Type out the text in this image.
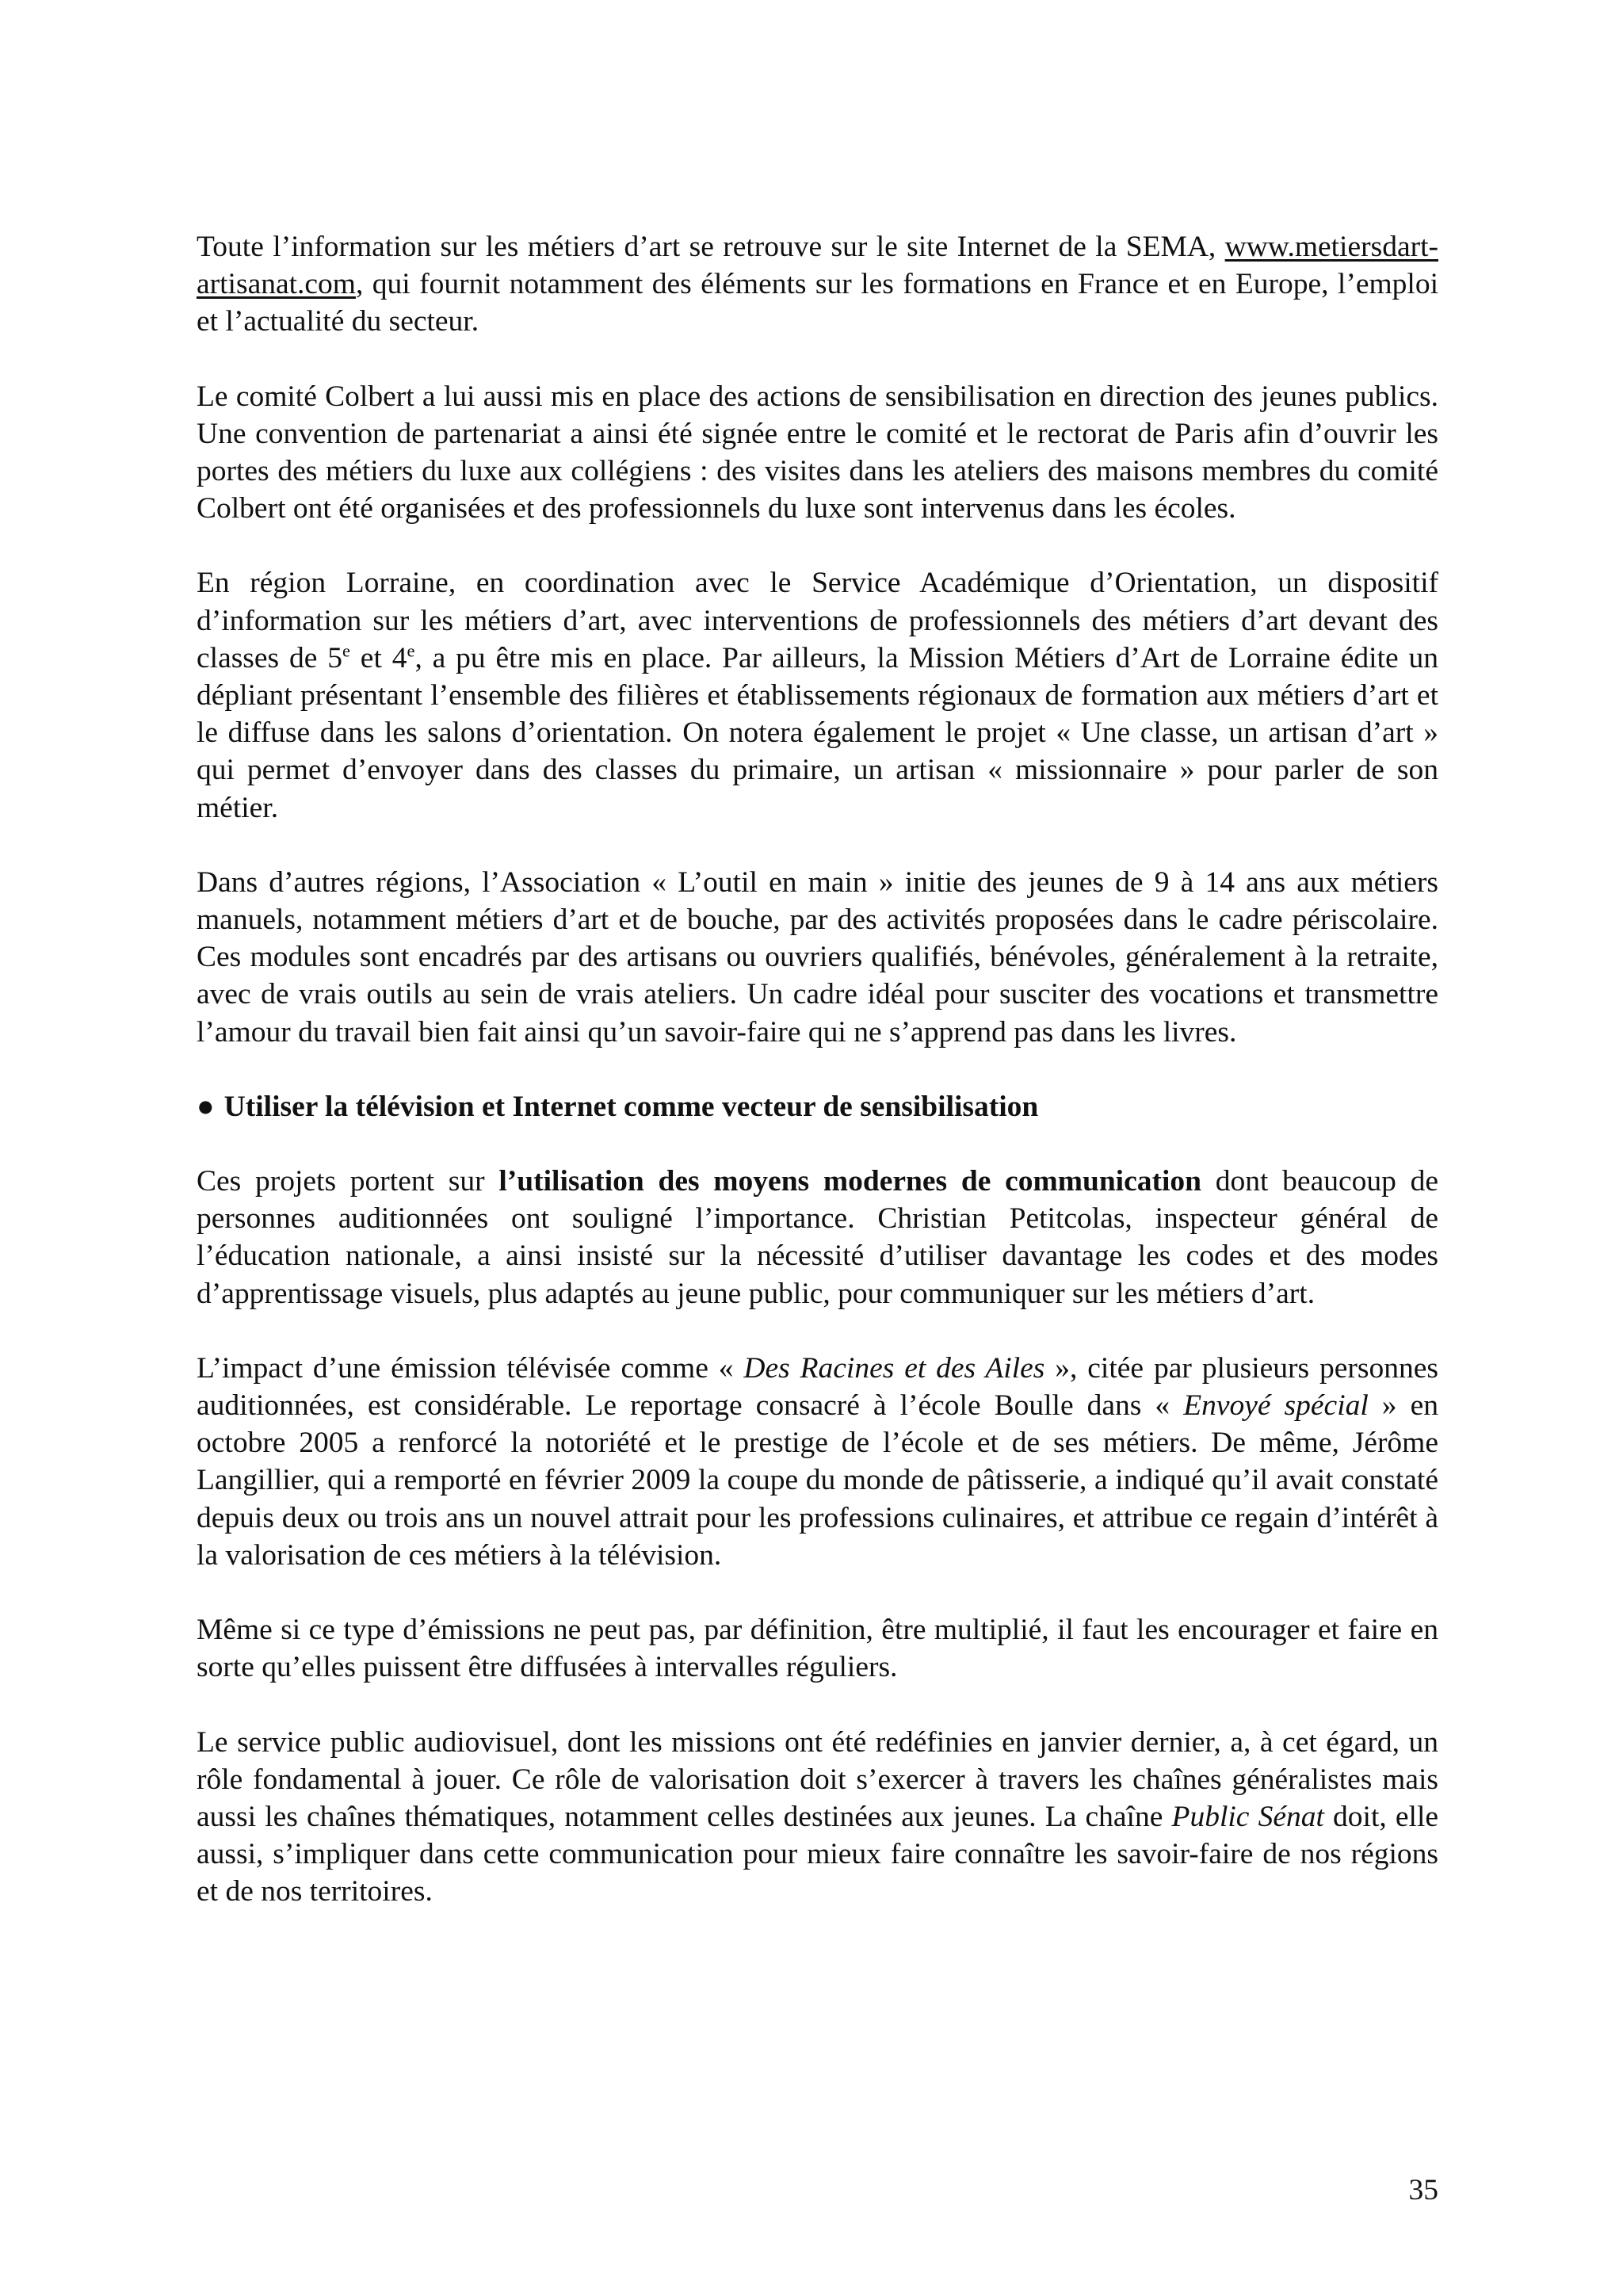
Toute l’information sur les métiers d’art se retrouve sur le site Internet de la SEMA, www.metiersdart-artisanat.com, qui fournit notamment des éléments sur les formations en France et en Europe, l’emploi et l’actualité du secteur.

Le comité Colbert a lui aussi mis en place des actions de sensibilisation en direction des jeunes publics. Une convention de partenariat a ainsi été signée entre le comité et le rectorat de Paris afin d’ouvrir les portes des métiers du luxe aux collégiens : des visites dans les ateliers des maisons membres du comité Colbert ont été organisées et des professionnels du luxe sont intervenus dans les écoles.

En région Lorraine, en coordination avec le Service Académique d’Orientation, un dispositif d’information sur les métiers d’art, avec interventions de professionnels des métiers d’art devant des classes de 5e et 4e, a pu être mis en place. Par ailleurs, la Mission Métiers d’Art de Lorraine édite un dépliant présentant l’ensemble des filières et établissements régionaux de formation aux métiers d’art et le diffuse dans les salons d’orientation. On notera également le projet « Une classe, un artisan d’art » qui permet d’envoyer dans des classes du primaire, un artisan « missionnaire » pour parler de son métier.

Dans d’autres régions, l’Association « L’outil en main » initie des jeunes de 9 à 14 ans aux métiers manuels, notamment métiers d’art et de bouche, par des activités proposées dans le cadre périscolaire. Ces modules sont encadrés par des artisans ou ouvriers qualifiés, bénévoles, généralement à la retraite, avec de vrais outils au sein de vrais ateliers. Un cadre idéal pour susciter des vocations et transmettre l’amour du travail bien fait ainsi qu’un savoir-faire qui ne s’apprend pas dans les livres.

● Utiliser la télévision et Internet comme vecteur de sensibilisation

Ces projets portent sur l’utilisation des moyens modernes de communication dont beaucoup de personnes auditionnées ont souligné l’importance. Christian Petitcolas, inspecteur général de l’éducation nationale, a ainsi insisté sur la nécessité d’utiliser davantage les codes et des modes d’apprentissage visuels, plus adaptés au jeune public, pour communiquer sur les métiers d’art.

L’impact d’une émission télévisée comme « Des Racines et des Ailes », citée par plusieurs personnes auditionnées, est considérable. Le reportage consacré à l’école Boulle dans « Envoyé spécial » en octobre 2005 a renforcé la notoriété et le prestige de l’école et de ses métiers. De même, Jérôme Langillier, qui a remporté en février 2009 la coupe du monde de pâtisserie, a indiqué qu’il avait constaté depuis deux ou trois ans un nouvel attrait pour les professions culinaires, et attribue ce regain d’intérêt à la valorisation de ces métiers à la télévision.

Même si ce type d’émissions ne peut pas, par définition, être multiplié, il faut les encourager et faire en sorte qu’elles puissent être diffusées à intervalles réguliers.

Le service public audiovisuel, dont les missions ont été redéfinies en janvier dernier, a, à cet égard, un rôle fondamental à jouer. Ce rôle de valorisation doit s’exercer à travers les chaînes généralistes mais aussi les chaînes thématiques, notamment celles destinées aux jeunes. La chaîne Public Sénat doit, elle aussi, s’impliquer dans cette communication pour mieux faire connaître les savoir-faire de nos régions et de nos territoires.

35
